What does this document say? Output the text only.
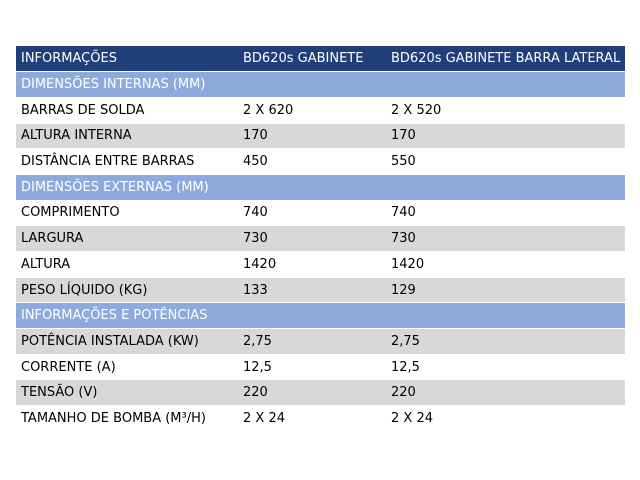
INFORMAÇÕES	BD620s GABINETE	BD620s GABINETE BARRA LATERAL
DIMENSÕES INTERNAS (MM)		
BARRAS DE SOLDA	2 X 620	2 X 520
ALTURA INTERNA	170	170
DISTÂNCIA ENTRE BARRAS	450	550
DIMENSÕES EXTERNAS (MM)		
COMPRIMENTO	740	740
LARGURA	730	730
ALTURA	1420	1420
PESO LÍQUIDO (KG)	133	129
INFORMAÇÕES E POTÊNCIAS		
POTÊNCIA INSTALADA (KW)	2,75	2,75
CORRENTE (A)	12,5	12,5
TENSÃO (V)	220	220
TAMANHO DE BOMBA (M³/H)	2 X 24	2 X 24
